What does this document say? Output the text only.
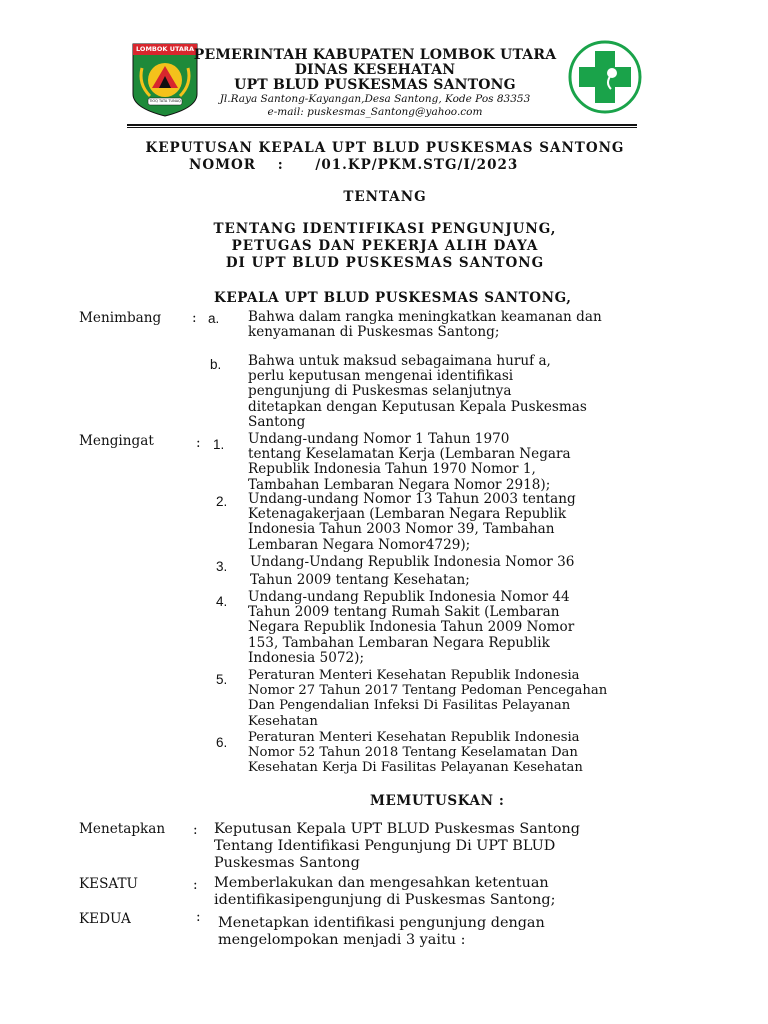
LOMBOK UTARA
TIOQ TATA TUNAQ
PEMERINTAH KABUPATEN LOMBOK UTARA
DINAS KESEHATAN
UPT BLUD PUSKESMAS SANTONG
Jl.Raya Santong-Kayangan,Desa Santong, Kode Pos 83353
e-mail: puskesmas_Santong@yahoo.com
KEPUTUSAN KEPALA UPT BLUD PUSKESMAS SANTONG
NOMOR : /01.KP/PKM.STG/I/2023
TENTANG
TENTANG IDENTIFIKASI PENGUNJUNG,
PETUGAS DAN PEKERJA ALIH DAYA
DI UPT BLUD PUSKESMAS SANTONG
KEPALA UPT BLUD PUSKESMAS SANTONG,
Menimbang : a. Bahwa dalam rangka meningkatkan keamanan dan
kenyamanan di Puskesmas Santong;
b. Bahwa untuk maksud sebagaimana huruf a,
perlu keputusan mengenai identifikasi
pengunjung di Puskesmas selanjutnya
ditetapkan dengan Keputusan Kepala Puskesmas
Santong
Mengingat	: 1. Undang-undang Nomor 1 Tahun 1970
tentang Keselamatan Kerja (Lembaran Negara
Republik Indonesia Tahun 1970 Nomor 1,
Tambahan Lembaran Negara Nomor 2918);
2. Undang-undang Nomor 13 Tahun 2003 tentang
Ketenagakerjaan (Lembaran Negara Republik
Indonesia Tahun 2003 Nomor 39, Tambahan
Lembaran Negara Nomor4729);
3. Undang-Undang Republik Indonesia Nomor 36
Tahun 2009 tentang Kesehatan;
4. Undang-undang Republik Indonesia Nomor 44
Tahun 2009 tentang Rumah Sakit (Lembaran
Negara Republik Indonesia Tahun 2009 Nomor
153, Tambahan Lembaran Negara Republik
Indonesia 5072);
5. Peraturan Menteri Kesehatan Republik Indonesia
Nomor 27 Tahun 2017 Tentang Pedoman Pencegahan
Dan Pengendalian Infeksi Di Fasilitas Pelayanan
Kesehatan
6. Peraturan Menteri Kesehatan Republik Indonesia
Nomor 52 Tahun 2018 Tentang Keselamatan Dan
Kesehatan Kerja Di Fasilitas Pelayanan Kesehatan
MEMUTUSKAN :
Menetapkan : Keputusan Kepala UPT BLUD Puskesmas Santong
Tentang Identifikasi Pengunjung Di UPT BLUD
Puskesmas Santong
KESATU	: Memberlakukan dan mengesahkan ketentuan
identifikasipengunjung di Puskesmas Santong;
KEDUA	: Menetapkan identifikasi pengunjung dengan
mengelompokan menjadi 3 yaitu :
